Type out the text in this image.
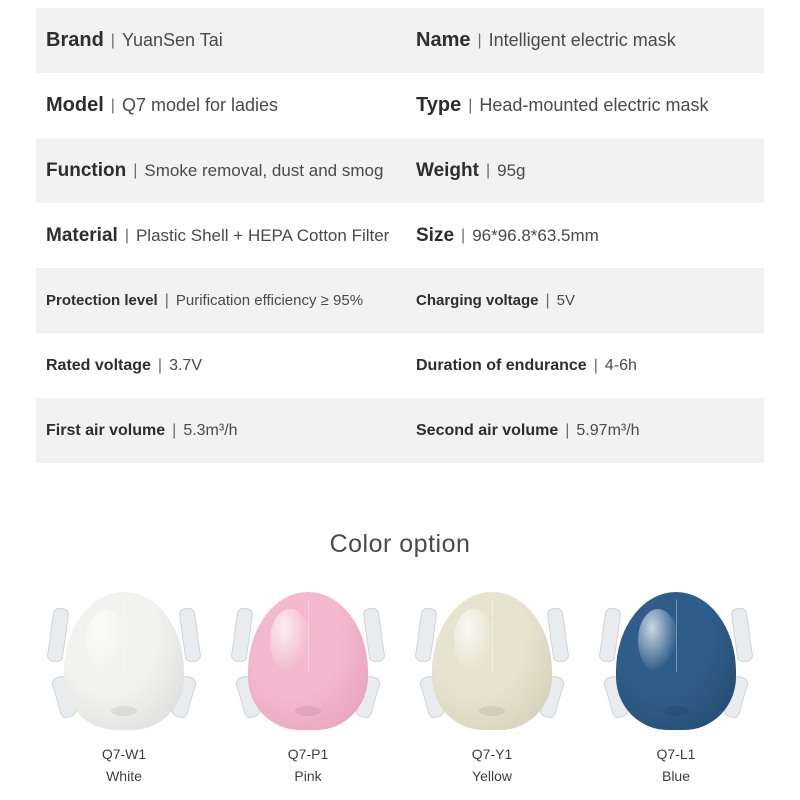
Brand | YuanSen Tai	Name | Intelligent electric mask
Model | Q7 model for ladies	Type | Head-mounted electric mask
Function | Smoke removal, dust and smog Weight | 95g
Material | Plastic Shell + HEPA Cotton Filter Size | 96*96.8*63.5mm
Protection level | Purification efficiency ≥ 95%	Charging voltage | 5V
Rated voltage | 3.7V	Duration of endurance | 4-6h
First air volume | 5.3m³/h	Second air volume | 5.97m³/h
Color option
Q7-W1
White
Q7-P1
Pink
Q7-Y1
Yellow
Q7-L1
Blue
